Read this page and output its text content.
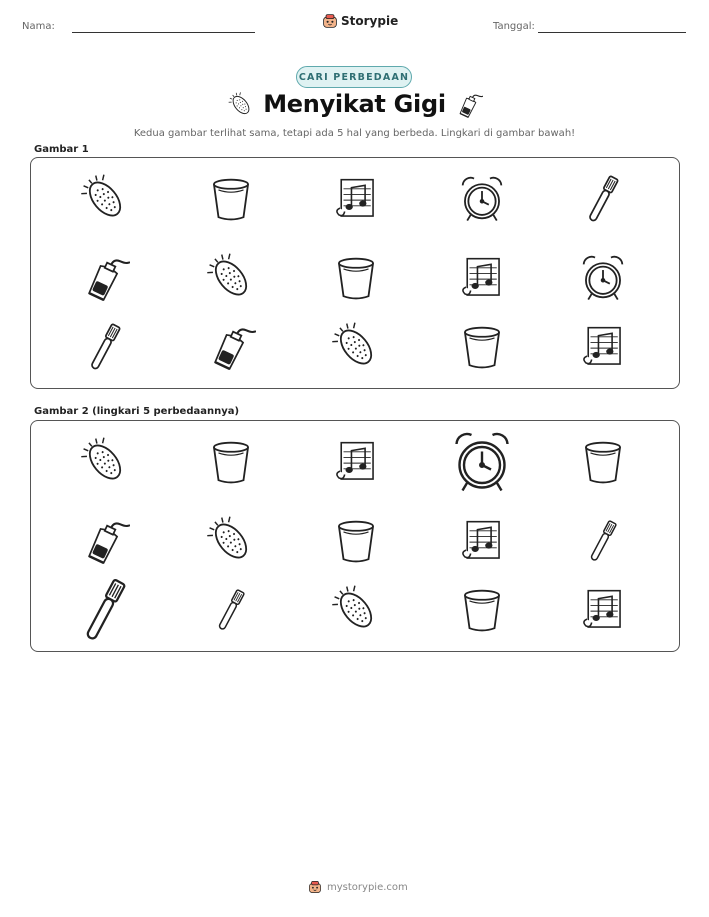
Nama:	Storypie	Tanggal:
CARI PERBEDAAN
Menyikat Gigi
Kedua gambar terlihat sama, tetapi ada 5 hal yang berbeda. Lingkari di gambar bawah!
Gambar 1
Gambar 2 (lingkari 5 perbedaannya)
mystorypie.com
